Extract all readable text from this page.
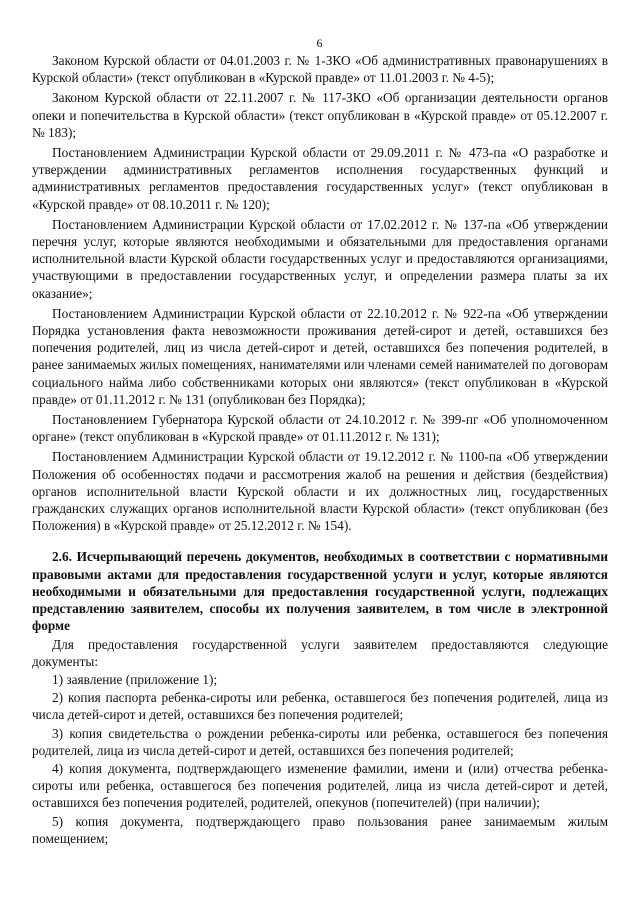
6

Законом Курской области от 04.01.2003 г. № 1-ЗКО «Об административных правонарушениях в Курской области» (текст опубликован в «Курской правде» от 11.01.2003 г. № 4-5);

Законом Курской области от 22.11.2007 г. № 117-ЗКО «Об организации деятельности органов опеки и попечительства в Курской области» (текст опубликован в «Курской правде» от 05.12.2007 г. № 183);

Постановлением Администрации Курской области от 29.09.2011 г. № 473-па «О разработке и утверждении административных регламентов исполнения государственных функций и административных регламентов предоставления государственных услуг» (текст опубликован в «Курской правде» от 08.10.2011 г. № 120);

Постановлением Администрации Курской области от 17.02.2012 г. № 137-па «Об утверждении перечня услуг, которые являются необходимыми и обязательными для предоставления органами исполнительной власти Курской области государственных услуг и предоставляются организациями, участвующими в предоставлении государственных услуг, и определении размера платы за их оказание»;

Постановлением Администрации Курской области от 22.10.2012 г. № 922-па «Об утверждении Порядка установления факта невозможности проживания детей-сирот и детей, оставшихся без попечения родителей, лиц из числа детей-сирот и детей, оставшихся без попечения родителей, в ранее занимаемых жилых помещениях, нанимателями или членами семей нанимателей по договорам социального найма либо собственниками которых они являются» (текст опубликован в «Курской правде» от 01.11.2012 г. № 131 (опубликован без Порядка);

Постановлением Губернатора Курской области от 24.10.2012 г. № 399-пг «Об уполномоченном органе» (текст опубликован в «Курской правде» от 01.11.2012 г. № 131);

Постановлением Администрации Курской области от 19.12.2012 г. № 1100-па «Об утверждении Положения об особенностях подачи и рассмотрения жалоб на решения и действия (бездействия) органов исполнительной власти Курской области и их должностных лиц, государственных гражданских служащих органов исполнительной власти Курской области» (текст опубликован (без Положения) в «Курской правде» от 25.12.2012 г. № 154).

2.6. Исчерпывающий перечень документов, необходимых в соответствии с нормативными правовыми актами для предоставления государственной услуги и услуг, которые являются необходимыми и обязательными для предоставления государственной услуги, подлежащих представлению заявителем, способы их получения заявителем, в том числе в электронной форме

Для предоставления государственной услуги заявителем предоставляются следующие документы:

1) заявление (приложение 1);

2) копия паспорта ребенка-сироты или ребенка, оставшегося без попечения родителей, лица из числа детей-сирот и детей, оставшихся без попечения родителей;

3) копия свидетельства о рождении ребенка-сироты или ребенка, оставшегося без попечения родителей, лица из числа детей-сирот и детей, оставшихся без попечения родителей;

4) копия документа, подтверждающего изменение фамилии, имени и (или) отчества ребенка-сироты или ребенка, оставшегося без попечения родителей, лица из числа детей-сирот и детей, оставшихся без попечения родителей, родителей, опекунов (попечителей) (при наличии);

5) копия документа, подтверждающего право пользования ранее занимаемым жилым помещением;
